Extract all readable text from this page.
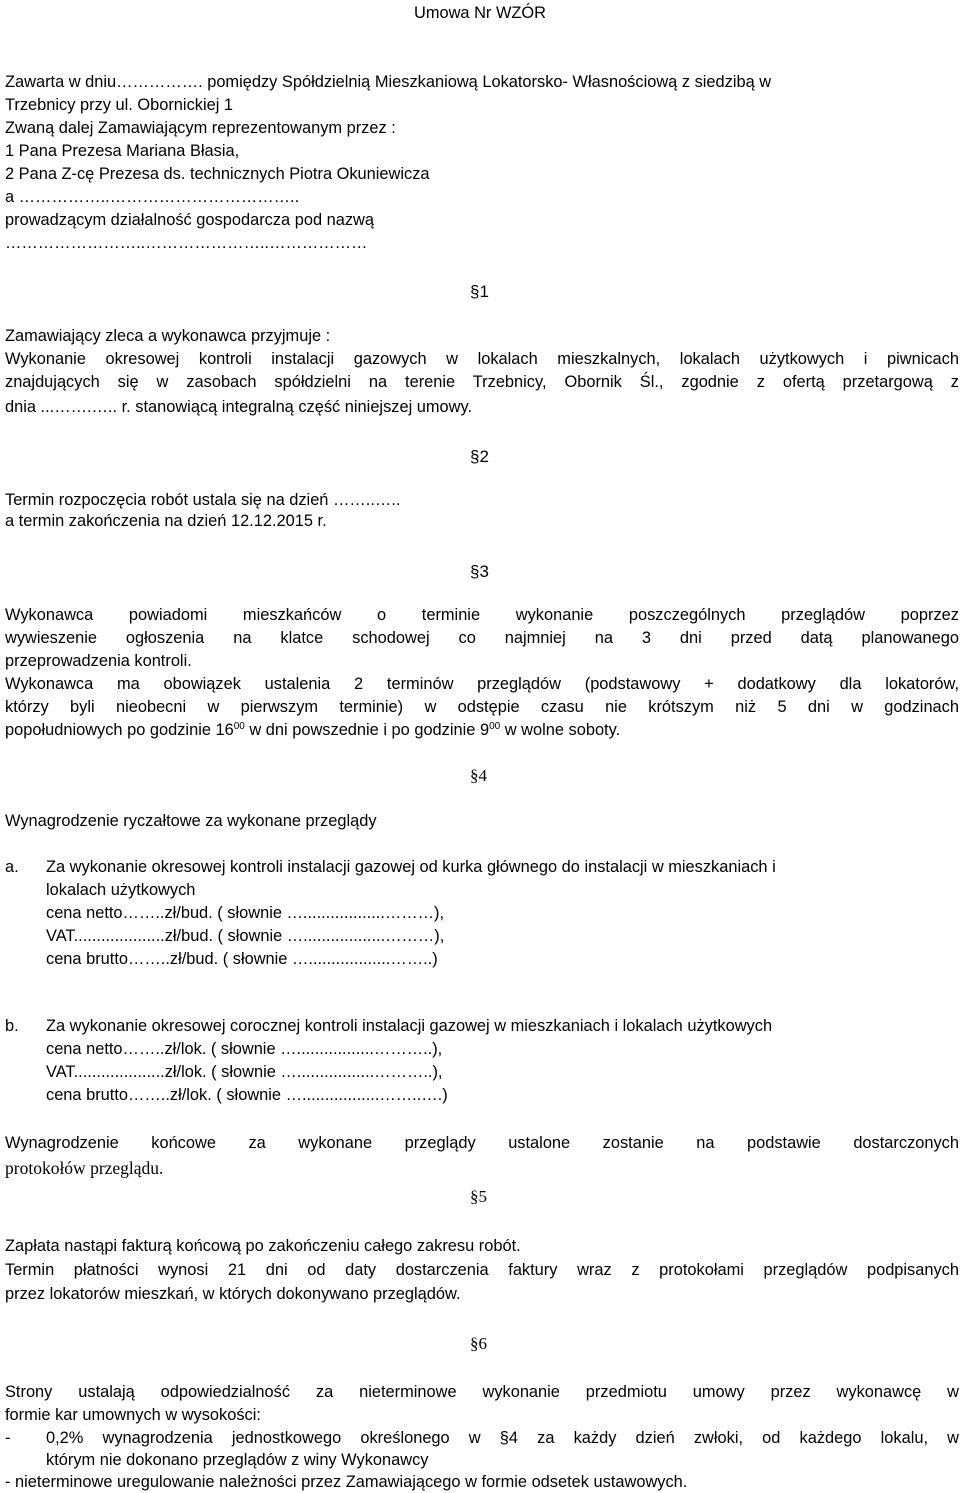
Umowa Nr WZÓR
Zawarta w dniu……………. pomiędzy Spółdzielnią Mieszkaniową Lokatorsko- Własnościową z siedzibą w
Trzebnicy przy ul. Obornickiej 1
Zwaną dalej Zamawiającym reprezentowanym przez :
1 Pana Prezesa Mariana Błasia,
2 Pana Z-cę Prezesa ds. technicznych Piotra Okuniewicza
a ……………..……………………………..
prowadzącym działalność gospodarcza pod nazwą
……………………..…………………..………………
§1
Zamawiający zleca a wykonawca przyjmuje :
Wykonanie okresowej kontroli instalacji gazowych w lokalach mieszkalnych, lokalach użytkowych i piwnicach
znajdujących się w zasobach spółdzielni na terenie Trzebnicy, Obornik Śl., zgodnie z ofertą przetargową z
dnia ...…….….. r. stanowiącą integralną część niniejszej umowy.
§2
Termin rozpoczęcia robót ustala się na dzień ……..…..
a termin zakończenia na dzień 12.12.2015 r.
§3
Wykonawca powiadomi mieszkańców o terminie wykonanie poszczególnych przeglądów poprzez
wywieszenie ogłoszenia na klatce schodowej co najmniej na 3 dni przed datą planowanego
przeprowadzenia kontroli.
Wykonawca ma obowiązek ustalenia 2 terminów przeglądów (podstawowy + dodatkowy dla lokatorów,
którzy byli nieobecni w pierwszym terminie) w odstępie czasu nie krótszym niż 5 dni w godzinach
popołudniowych po godzinie $16^{00}$ w dni powszednie i po godzinie $9^{00}$ w wolne soboty.
§4
Wynagrodzenie ryczałtowe za wykonane przeglądy
a. Za wykonanie okresowej kontroli instalacji gazowej od kurka głównego do instalacji w mieszkaniach i
lokalach użytkowych
cena netto……..zł/bud. ( słownie …..................………),
VAT....................zł/bud. ( słownie …..................………),
cena brutto……..zł/bud. ( słownie …..................……..)
b. Za wykonanie okresowej corocznej kontroli instalacji gazowej w mieszkaniach i lokalach użytkowych
cena netto……..zł/lok. ( słownie ….................………..),
VAT....................zł/lok. ( słownie ….................………..),
cena brutto……..zł/lok. ( słownie ….................……..….)
Wynagrodzenie końcowe za wykonane przeglądy ustalone zostanie na podstawie dostarczonych
protokołów przeglądu.
§5
Zapłata nastąpi fakturą końcową po zakończeniu całego zakresu robót.
Termin płatności wynosi 21 dni od daty dostarczenia faktury wraz z protokołami przeglądów podpisanych
przez lokatorów mieszkań, w których dokonywano przeglądów.
§6
Strony ustalają odpowiedzialność za nieterminowe wykonanie przedmiotu umowy przez wykonawcę w
formie kar umownych w wysokości:
- 0,2% wynagrodzenia jednostkowego określonego w §4 za każdy dzień zwłoki, od każdego lokalu, w
którym nie dokonano przeglądów z winy Wykonawcy
- nieterminowe uregulowanie należności przez Zamawiającego w formie odsetek ustawowych.
